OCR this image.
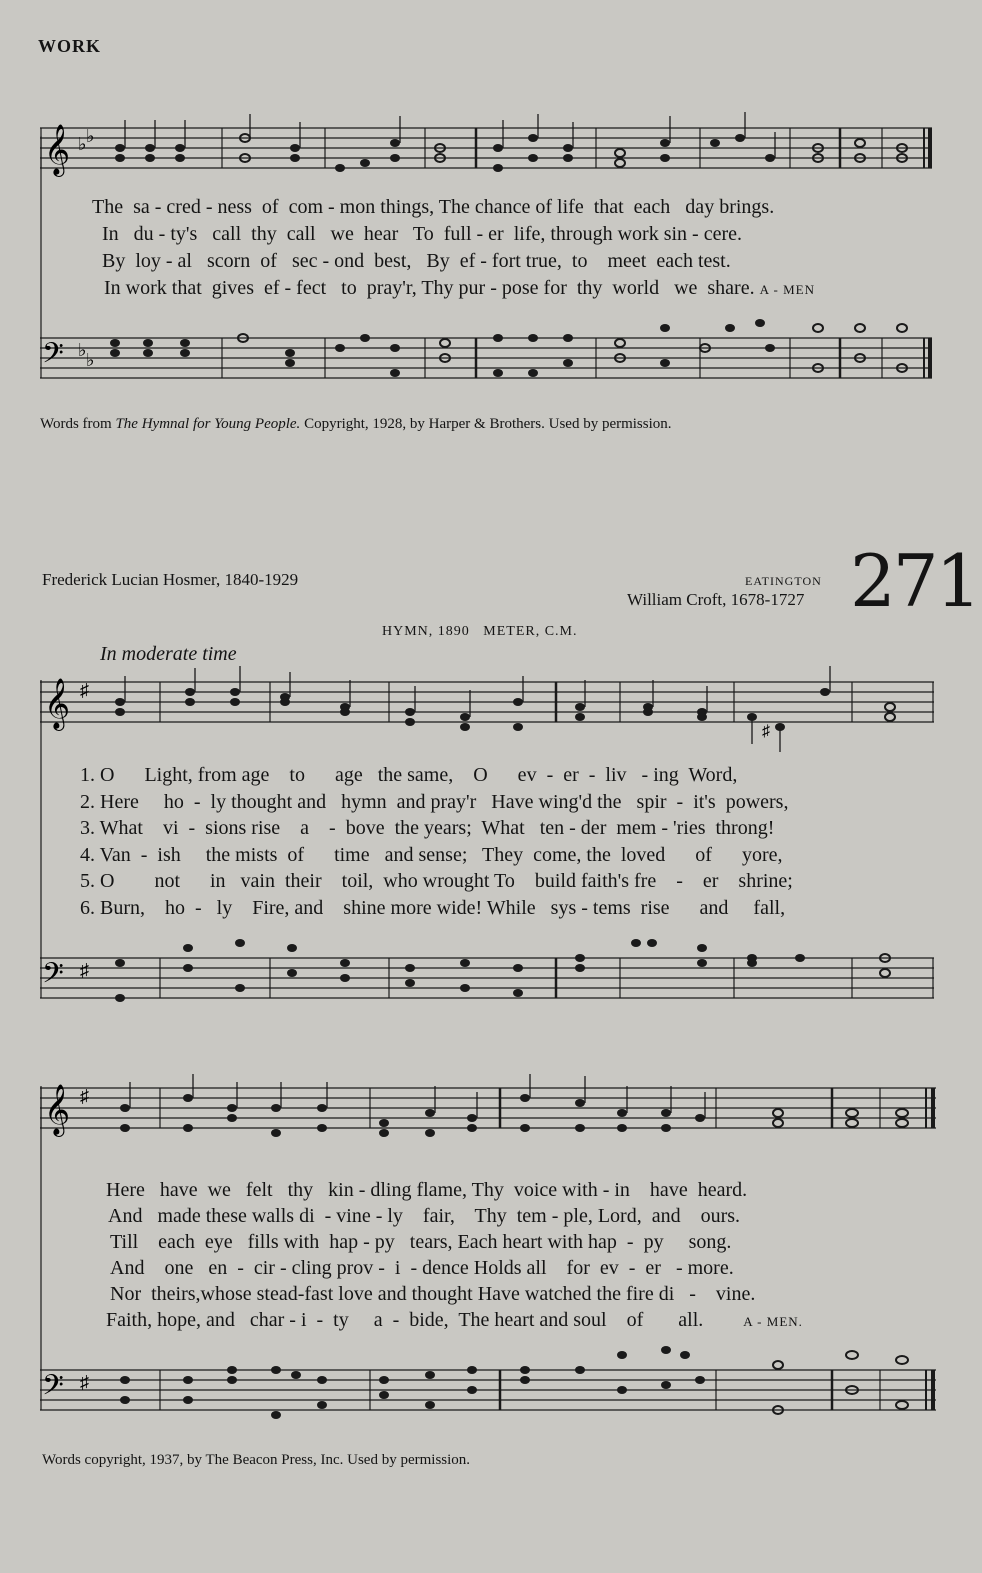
WORK
𝄞 ♭ ♭
The  sa - cred - ness  of  com - mon things, The chance of life  that  each   day brings.
In   du - ty's   call  thy  call   we  hear   To  full - er  life, through work sin - cere.
By  loy - al   scorn  of   sec - ond  best,   By  ef - fort true,  to    meet  each test.
In work that  gives  ef - fect   to  pray'r, Thy pur - pose for  thy  world   we  share. A - MEN
𝄢 ♭ ♭
Words from The Hymnal for Young People. Copyright, 1928, by Harper & Brothers. Used by permission.
Frederick Lucian Hosmer, 1840-1929	EATINGTON
William Croft, 1678-1727 271
HYMN, 1890 METER, C.M.
In moderate time
𝄞 ♯
♯
1. O      Light, from age    to      age   the same,    O      ev  -  er  -  liv   - ing  Word,
2. Here     ho  -  ly thought and   hymn  and pray'r   Have wing'd the   spir  -  it's  powers,
3. What    vi  -  sions rise    a    -  bove  the years;  What   ten - der  mem - 'ries  throng!
4. Van  -  ish     the mists  of      time   and sense;   They  come, the  loved      of      yore,
5. O        not      in   vain  their    toil,  who wrought To    build faith's fre    -    er    shrine;
6. Burn,    ho  -   ly    Fire, and    shine more wide! While   sys - tems  rise      and     fall,
𝄢 ♯
𝄞 ♯
Here   have  we   felt   thy   kin - dling flame, Thy  voice with - in    have  heard.
And   made these walls di  - vine - ly    fair,    Thy  tem - ple, Lord,  and    ours.
Till    each  eye   fills with  hap - py   tears, Each heart with hap  -  py     song.
And    one   en  -  cir - cling prov -  i  - dence Holds all    for  ev  -  er   - more.
Nor  theirs,whose stead-fast love and thought Have watched the fire di   -    vine.
Faith, hope, and   char - i  -  ty     a  -  bide,  The heart and soul    of       all.	A - MEN.
𝄢 ♯
Words copyright, 1937, by The Beacon Press, Inc. Used by permission.
